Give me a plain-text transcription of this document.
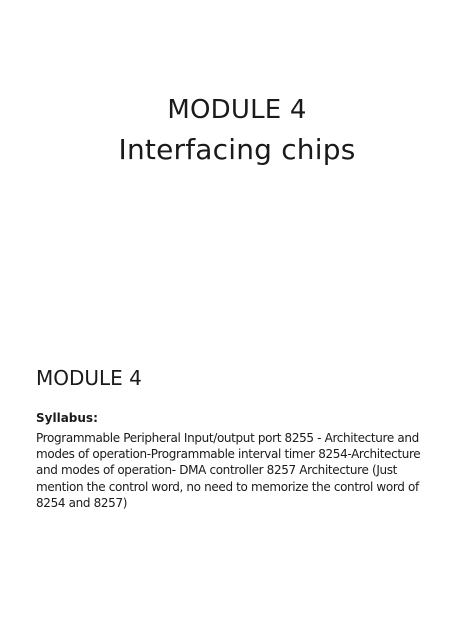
MODULE 4
Interfacing chips
MODULE 4
Syllabus:
Programmable Peripheral Input/output port 8255 - Architecture and
modes of operation-Programmable interval timer 8254-Architecture
and modes of operation- DMA controller 8257 Architecture (Just
mention the control word, no need to memorize the control word of
8254 and 8257)
